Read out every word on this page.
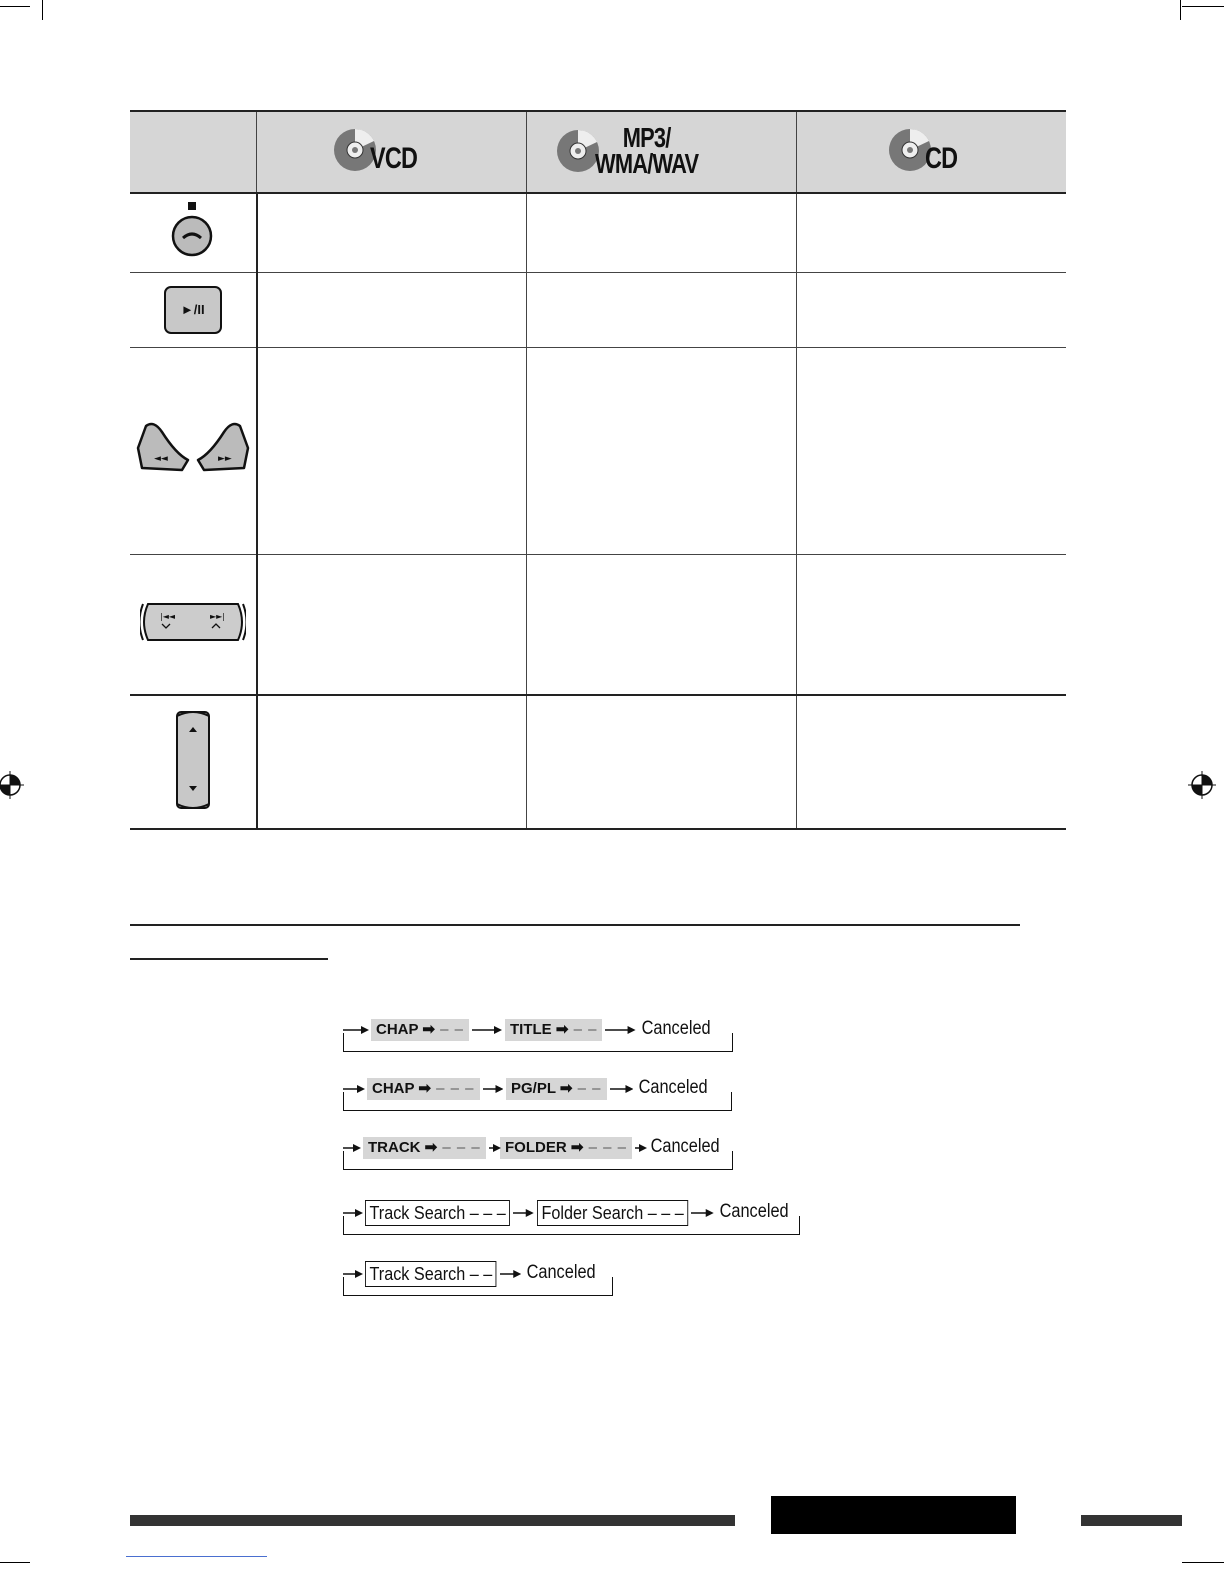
	VCD	MP3/
WMA/WAV	CD

►/II			

◄◄ ►►			

|◄◄ ►►|			

CHAP ➡ – –	TITLE ➡ – – Canceled
CHAP ➡ – – –	PG/PL ➡ – – Canceled
TRACK ➡ – – –	FOLDER ➡ – – – Canceled
Track Search – – – Folder Search – – – Canceled
Track Search – – Canceled
